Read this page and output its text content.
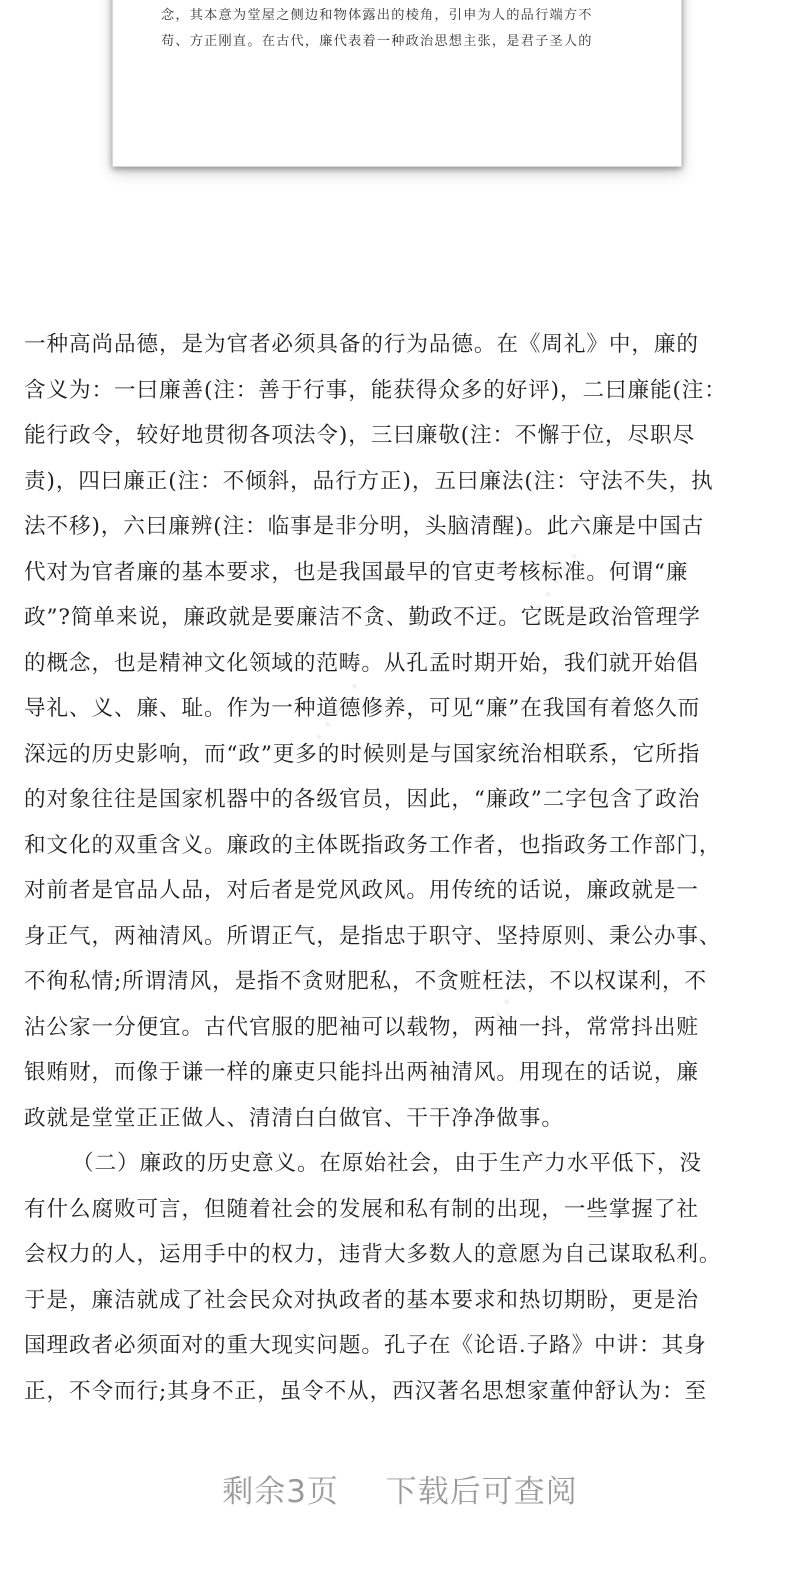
念，其本意为堂屋之侧边和物体露出的棱角，引申为人的品行端方不
苟、方正刚直。在古代，廉代表着一种政治思想主张，是君子圣人的
·····
·····
·····
一种高尚品德，是为官者必须具备的行为品德。在《周礼》中，廉的
含义为：一曰廉善(注：善于行事，能获得众多的好评)，二曰廉能(注：
能行政令，较好地贯彻各项法令)，三曰廉敬(注：不懈于位，尽职尽
责)，四曰廉正(注：不倾斜，品行方正)，五曰廉法(注：守法不失，执
法不移)，六曰廉辨(注：临事是非分明，头脑清醒)。此六廉是中国古
代对为官者廉的基本要求，也是我国最早的官吏考核标准。何谓“廉
政”?简单来说，廉政就是要廉洁不贪、勤政不迂。它既是政治管理学
的概念，也是精神文化领域的范畴。从孔孟时期开始，我们就开始倡
导礼、义、廉、耻。作为一种道德修养，可见“廉”在我国有着悠久而
深远的历史影响，而“政”更多的时候则是与国家统治相联系，它所指
的对象往往是国家机器中的各级官员，因此，“廉政”二字包含了政治
和文化的双重含义。廉政的主体既指政务工作者，也指政务工作部门，
对前者是官品人品，对后者是党风政风。用传统的话说，廉政就是一
身正气，两袖清风。所谓正气，是指忠于职守、坚持原则、秉公办事、
不徇私情;所谓清风，是指不贪财肥私，不贪赃枉法，不以权谋利，不
沾公家一分便宜。古代官服的肥袖可以载物，两袖一抖，常常抖出赃
银贿财，而像于谦一样的廉吏只能抖出两袖清风。用现在的话说，廉
政就是堂堂正正做人、清清白白做官、干干净净做事。
（二）廉政的历史意义。在原始社会，由于生产力水平低下，没
有什么腐败可言，但随着社会的发展和私有制的出现，一些掌握了社
会权力的人，运用手中的权力，违背大多数人的意愿为自己谋取私利。
于是，廉洁就成了社会民众对执政者的基本要求和热切期盼，更是治
国理政者必须面对的重大现实问题。孔子在《论语.子路》中讲：其身
正，不令而行;其身不正，虽令不从，西汉著名思想家董仲舒认为：至
剩余3页 下载后可查阅
